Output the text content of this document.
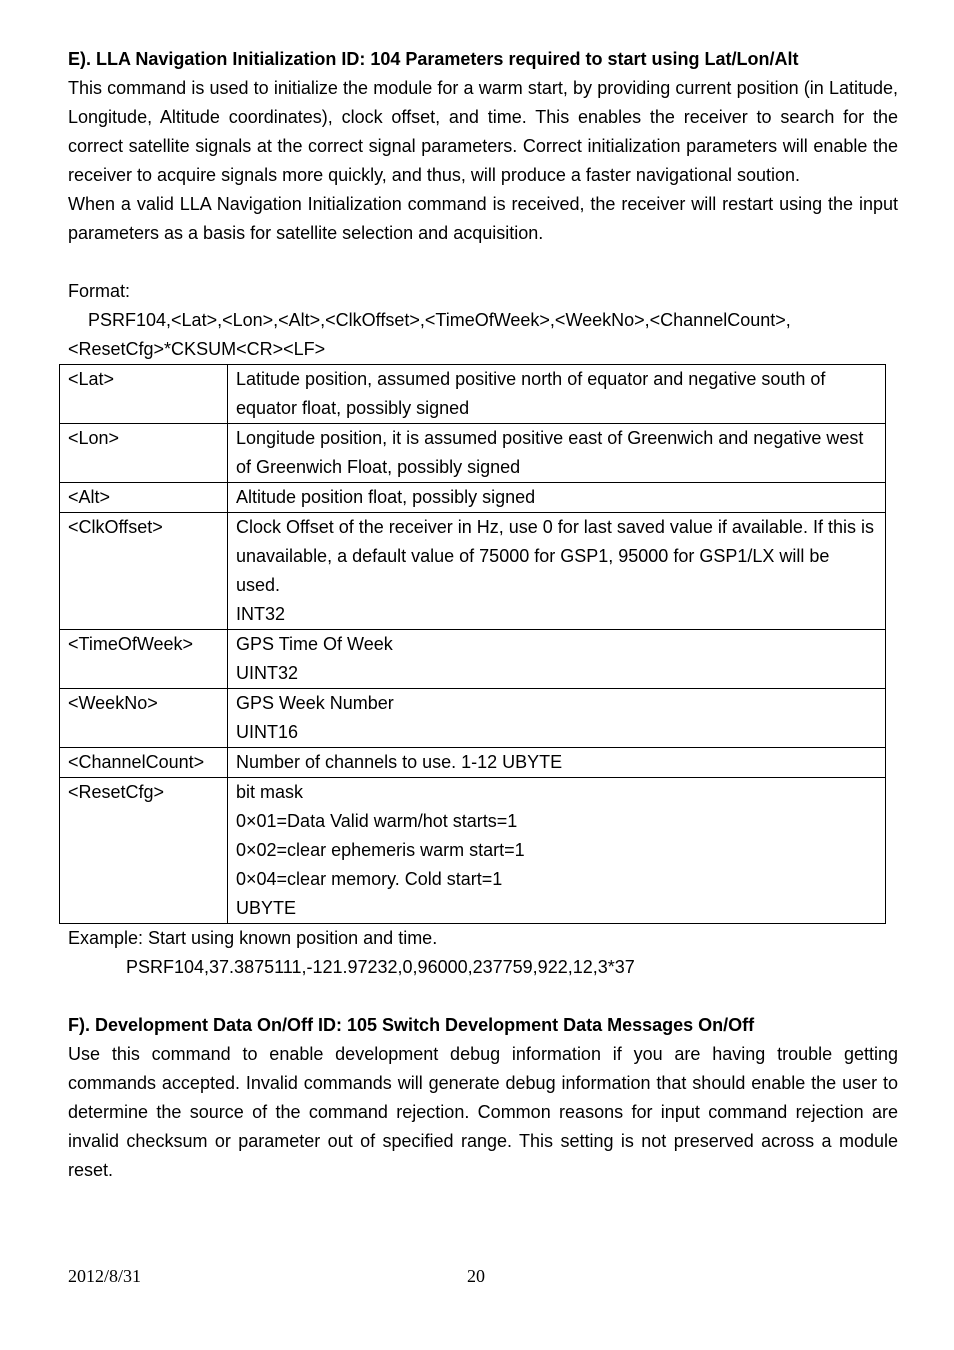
E). LLA Navigation Initialization ID: 104 Parameters required to start using Lat/Lon/Alt

This command is used to initialize the module for a warm start, by providing current position (in Latitude, Longitude, Altitude coordinates), clock offset, and time. This enables the receiver to search for the correct satellite signals at the correct signal parameters. Correct initialization parameters will enable the receiver to acquire signals more quickly, and thus, will produce a faster navigational soution.

When a valid LLA Navigation Initialization command is received, the receiver will restart using the input parameters as a basis for satellite selection and acquisition.

Format:

PSRF104,<Lat>,<Lon>,<Alt>,<ClkOffset>,<TimeOfWeek>,<WeekNo>,<ChannelCount>,

<ResetCfg>*CKSUM<CR><LF>

<Lat>	Latitude position, assumed positive north of equator and negative south of equator float, possibly signed

<Lon>	Longitude position, it is assumed positive east of Greenwich and negative west of Greenwich Float, possibly signed

<Alt>	Altitude position float, possibly signed

<ClkOffset>	Clock Offset of the receiver in Hz, use 0 for last saved value if available. If this is unavailable, a default value of 75000 for GSP1, 95000 for GSP1/LX will be used.
INT32

<TimeOfWeek>	GPS Time Of Week
UINT32

<WeekNo>	GPS Week Number
UINT16

<ChannelCount>	Number of channels to use. 1-12 UBYTE

<ResetCfg>	bit mask
0×01=Data Valid warm/hot starts=1
0×02=clear ephemeris warm start=1
0×04=clear memory. Cold start=1
UBYTE

Example: Start using known position and time.

PSRF104,37.3875111,-121.97232,0,96000,237759,922,12,3*37

F). Development Data On/Off ID: 105 Switch Development Data Messages On/Off

Use this command to enable development debug information if you are having trouble getting commands accepted. Invalid commands will generate debug information that should enable the user to determine the source of the command rejection. Common reasons for input command rejection are invalid checksum or parameter out of specified range. This setting is not preserved across a module reset.

2012/8/31	20
